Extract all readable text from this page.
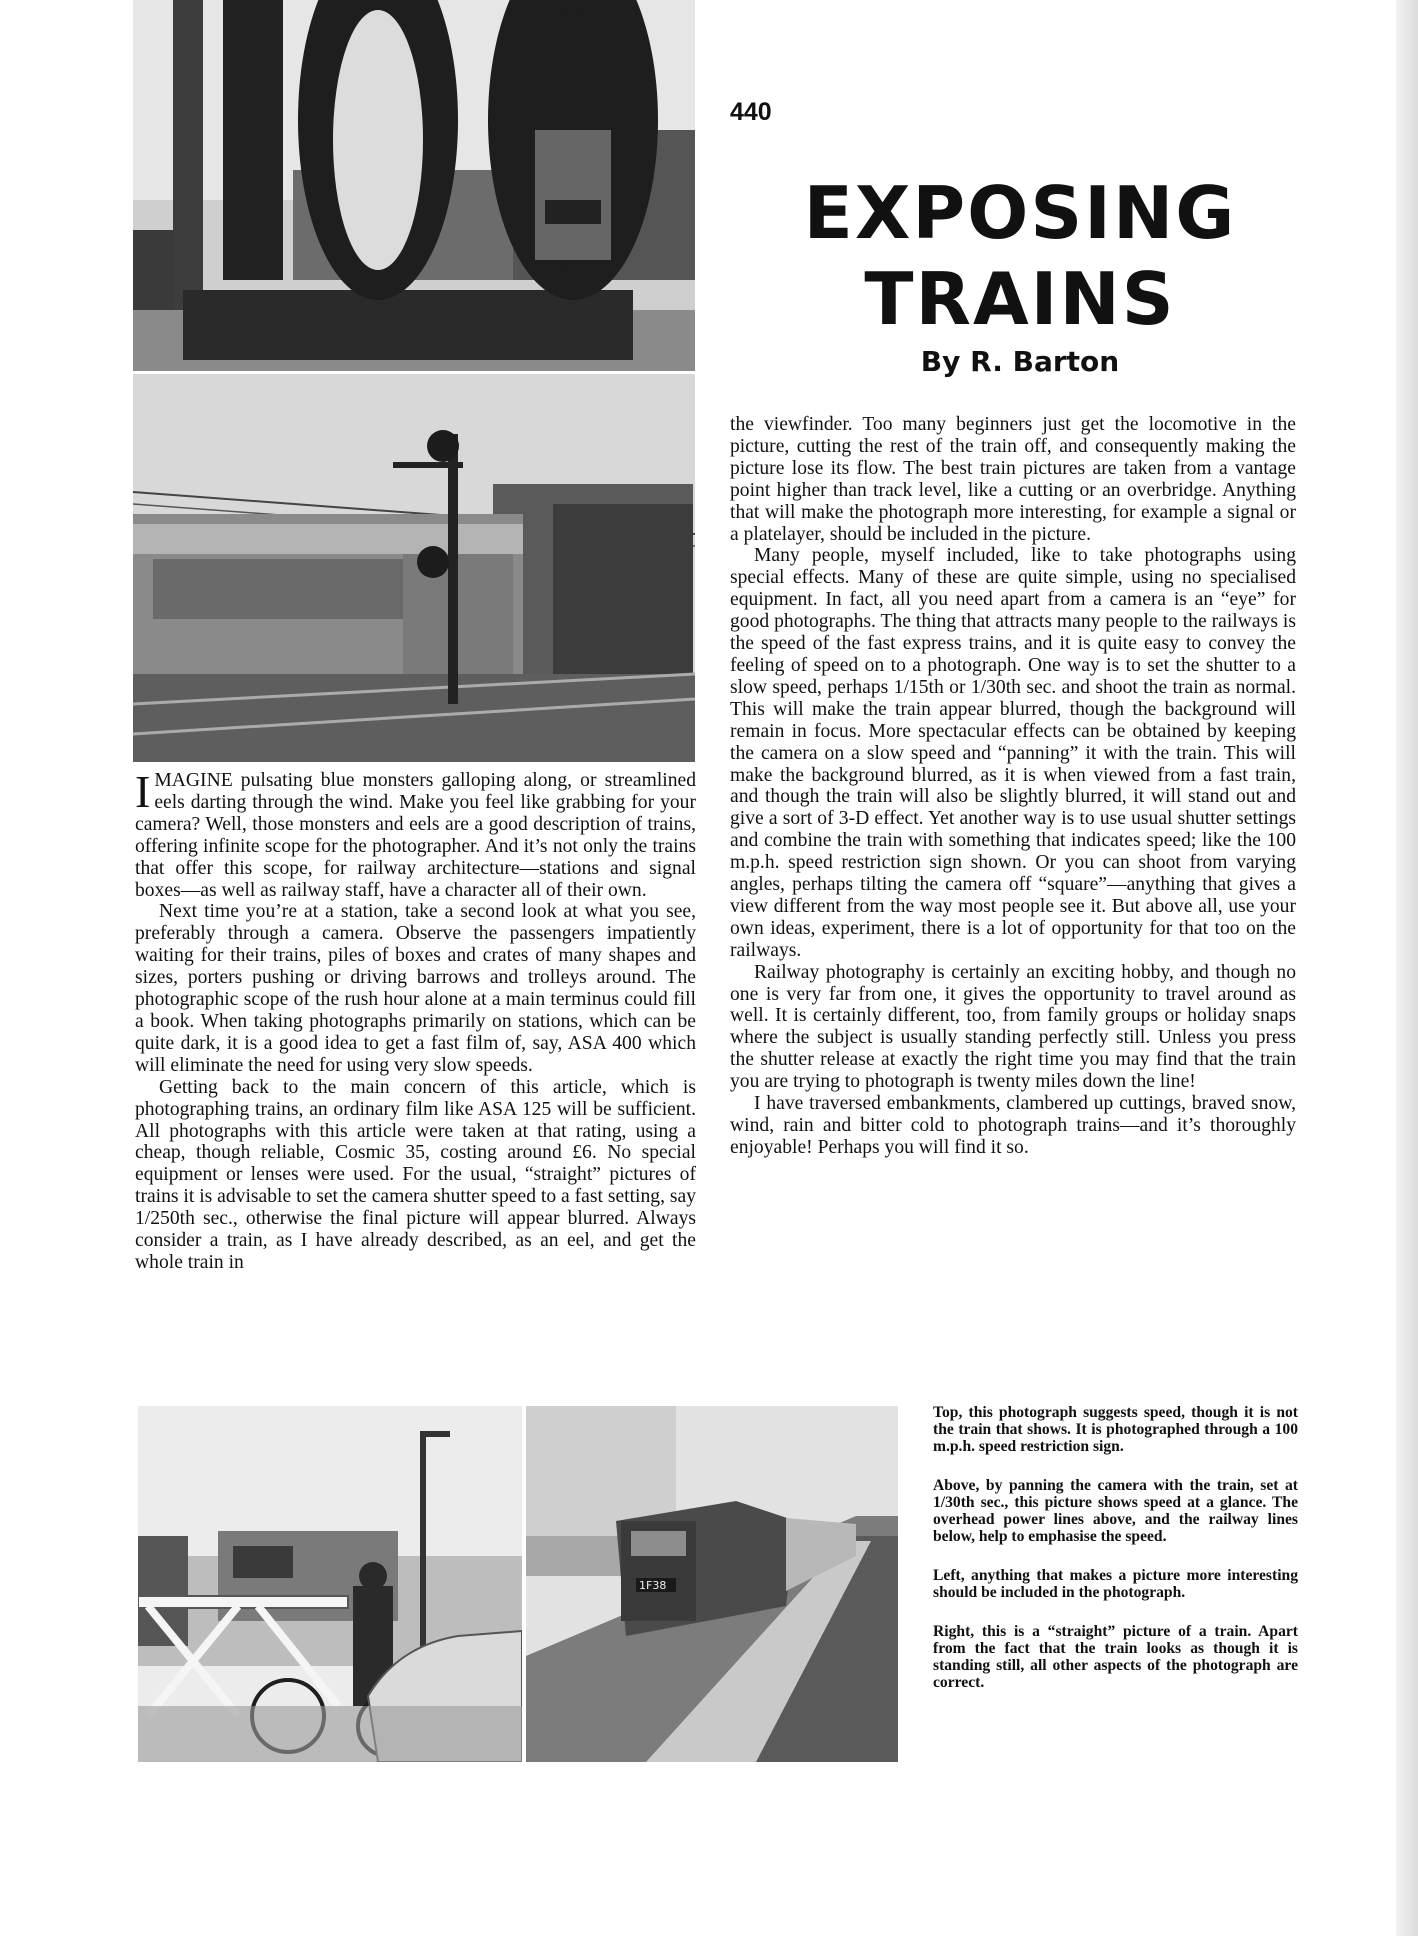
1F38
440
EXPOSING
TRAINS
By R. Barton

IMAGINE pulsating blue monsters galloping along, or streamlined eels darting through the wind. Make you feel like grabbing for your camera? Well, those monsters and eels are a good description of trains, offering infinite scope for the photographer. And it’s not only the trains that offer this scope, for railway architecture—stations and signal boxes—as well as railway staff, have a character all of their own.

Next time you’re at a station, take a second look at what you see, preferably through a camera. Observe the passengers impatiently waiting for their trains, piles of boxes and crates of many shapes and sizes, porters pushing or driving barrows and trolleys around. The photographic scope of the rush hour alone at a main terminus could fill a book. When taking photographs primarily on stations, which can be quite dark, it is a good idea to get a fast film of, say, ASA 400 which will eliminate the need for using very slow speeds.

Getting back to the main concern of this article, which is photographing trains, an ordinary film like ASA 125 will be sufficient. All photographs with this article were taken at that rating, using a cheap, though reliable, Cosmic 35, costing around £6. No special equipment or lenses were used. For the usual, “straight” pictures of trains it is advisable to set the camera shutter speed to a fast setting, say 1/250th sec., otherwise the final picture will appear blurred. Always consider a train, as I have already described, as an eel, and get the whole train in

the viewfinder. Too many beginners just get the locomotive in the picture, cutting the rest of the train off, and consequently making the picture lose its flow. The best train pictures are taken from a vantage point higher than track level, like a cutting or an overbridge. Anything that will make the photograph more interesting, for example a signal or a platelayer, should be included in the picture.

Many people, myself included, like to take photographs using special effects. Many of these are quite simple, using no specialised equipment. In fact, all you need apart from a camera is an “eye” for good photographs. The thing that attracts many people to the railways is the speed of the fast express trains, and it is quite easy to convey the feeling of speed on to a photograph. One way is to set the shutter to a slow speed, perhaps 1/15th or 1/30th sec. and shoot the train as normal. This will make the train appear blurred, though the background will remain in focus. More spectacular effects can be obtained by keeping the camera on a slow speed and “panning” it with the train. This will make the background blurred, as it is when viewed from a fast train, and though the train will also be slightly blurred, it will stand out and give a sort of 3-D effect. Yet another way is to use usual shutter settings and combine the train with something that indicates speed; like the 100 m.p.h. speed restriction sign shown. Or you can shoot from varying angles, perhaps tilting the camera off “square”—anything that gives a view different from the way most people see it. But above all, use your own ideas, experiment, there is a lot of opportunity for that too on the railways.

Railway photography is certainly an exciting hobby, and though no one is very far from one, it gives the opportunity to travel around as well. It is certainly different, too, from family groups or holiday snaps where the subject is usually standing perfectly still. Unless you press the shutter release at exactly the right time you may find that the train you are trying to photograph is twenty miles down the line!

I have traversed embankments, clambered up cuttings, braved snow, wind, rain and bitter cold to photograph trains—and it’s thoroughly enjoyable! Perhaps you will find it so.

Top, this photograph suggests speed, though it is not the train that shows. It is photographed through a 100 m.p.h. speed restriction sign.

Above, by panning the camera with the train, set at 1/30th sec., this picture shows speed at a glance. The overhead power lines above, and the railway lines below, help to emphasise the speed.

Left, anything that makes a picture more interesting should be included in the photograph.

Right, this is a “straight” picture of a train. Apart from the fact that the train looks as though it is standing still, all other aspects of the photograph are correct.
